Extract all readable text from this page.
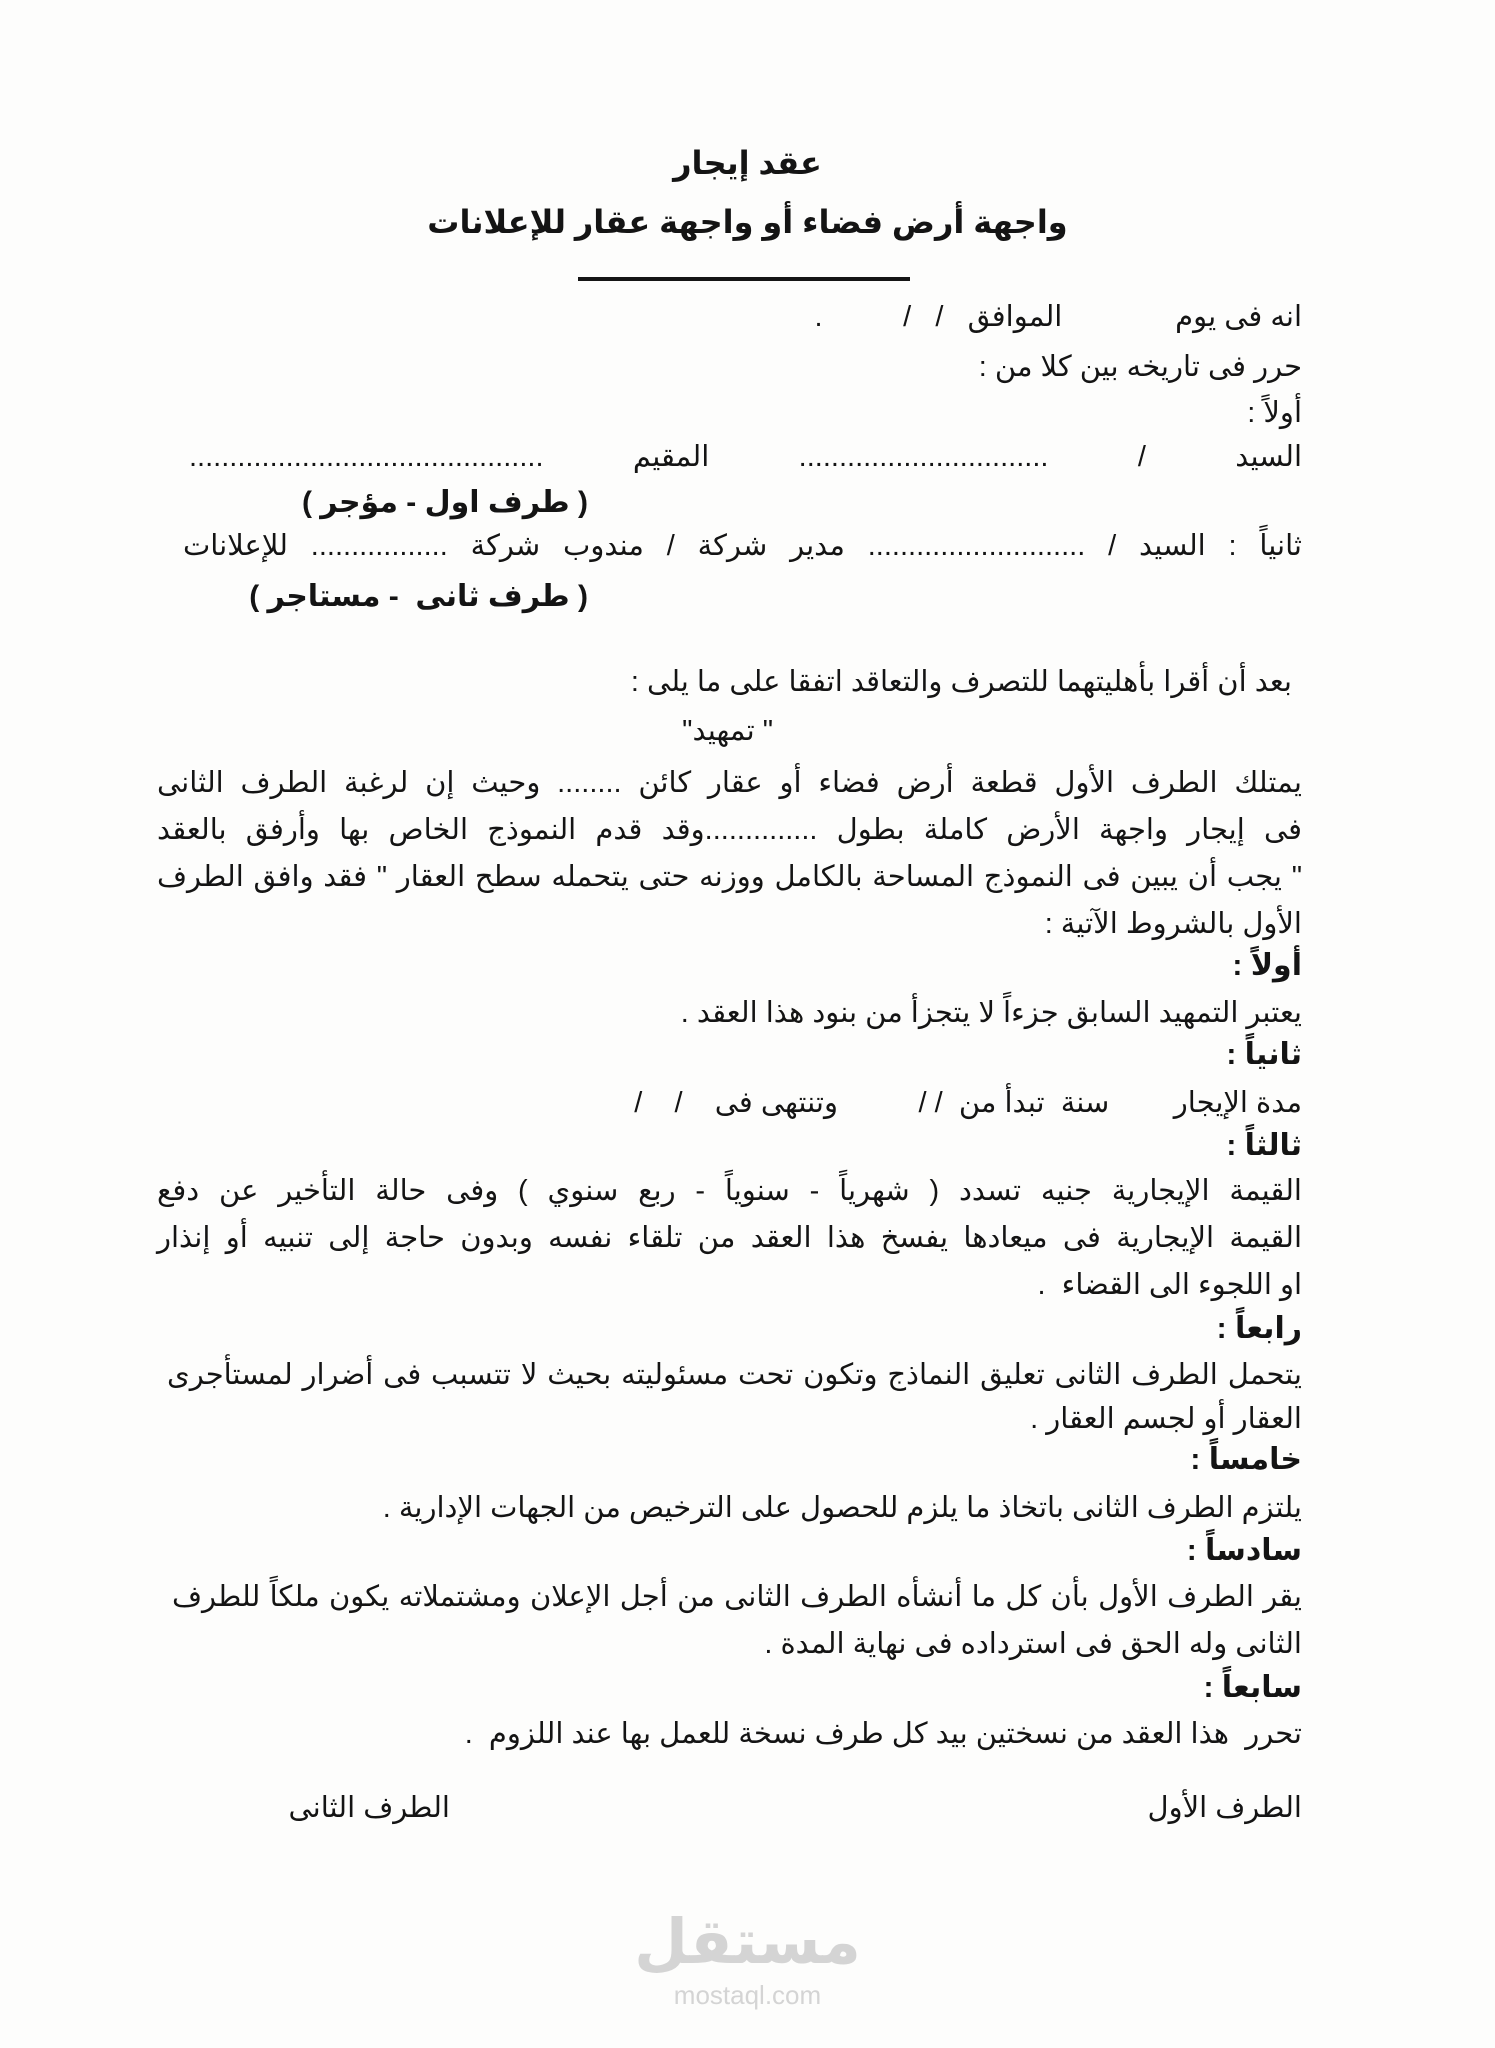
عقد إيجار
واجهة أرض فضاء أو واجهة عقار للإعلانات
انه فى يوم              الموافق   /   /          .
حرر فى تاريخه بين كلا من :
أولاً :
السيد / ............................... المقيم ............................................
( طرف اول - مؤجر )
ثانياً : السيد / ........................... مدير شركة / مندوب شركة ................. للإعلانات
( طرف ثانى  - مستاجر )
بعد أن أقرا بأهليتهما للتصرف والتعاقد اتفقا على ما يلى :
" تمهيد"
يمتلك الطرف الأول قطعة أرض فضاء أو عقار كائن ........ وحيث إن لرغبة الطرف الثانى
فى إيجار واجهة الأرض كاملة بطول ..............وقد قدم النموذج الخاص بها وأرفق بالعقد
" يجب أن يبين فى النموذج المساحة بالكامل ووزنه حتى يتحمله سطح العقار " فقد وافق الطرف
الأول بالشروط الآتية :
أولاً :
يعتبر التمهيد السابق جزءاً لا يتجزأ من بنود هذا العقد .
ثانياً :
مدة الإيجار        سنة  تبدأ من  / /          وتنتهى فى    /    /
ثالثاً :
القيمة الإيجارية جنيه تسدد ( شهرياً - سنوياً - ربع سنوي ) وفى حالة التأخير عن دفع
القيمة الإيجارية فى ميعادها يفسخ هذا العقد من تلقاء نفسه وبدون حاجة إلى تنبيه أو إنذار
او اللجوء الى القضاء  .
رابعاً :
يتحمل الطرف الثانى تعليق النماذج وتكون تحت مسئوليته بحيث لا تتسبب فى أضرار لمستأجرى
العقار أو لجسم العقار .
خامساً :
يلتزم الطرف الثانى باتخاذ ما يلزم للحصول على الترخيص من الجهات الإدارية .
سادساً :
يقر الطرف الأول بأن كل ما أنشأه الطرف الثانى من أجل الإعلان ومشتملاته يكون ملكاً للطرف
الثانى وله الحق فى استرداده فى نهاية المدة .
سابعاً :
تحرر  هذا العقد من نسختين بيد كل طرف نسخة للعمل بها عند اللزوم  .
الطرف الأول
الطرف الثانى
مستقل
mostaql.com
